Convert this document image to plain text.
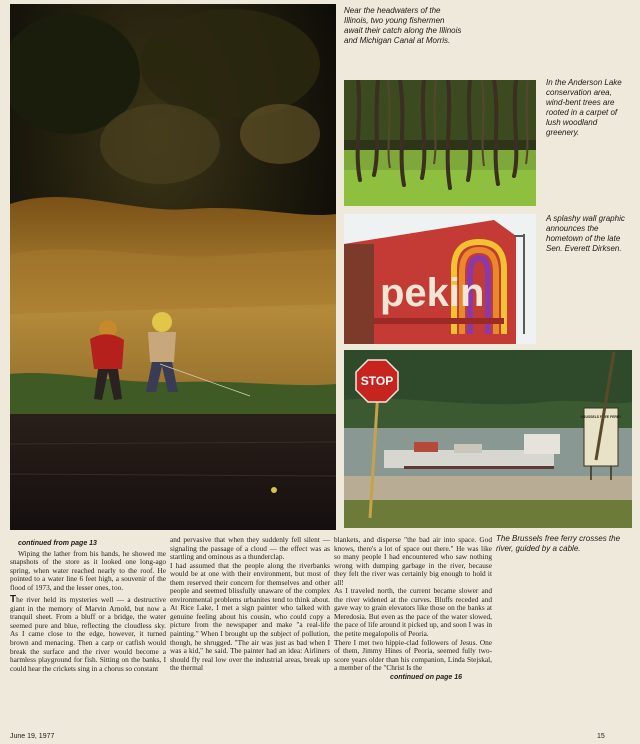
Near the headwaters of the Illinois, two young fishermen await their catch along the Illinois and Michigan Canal at Morris.
In the Anderson Lake conservation area, wind-bent trees are rooted in a carpet of lush woodland greenery.
pekin
A splashy wall graphic announces the hometown of the late Sen. Everett Dirksen.
STOP
BRUSSELS FREE FERRY
The Brussels free ferry crosses the river, guided by a cable.
continued from page 13

Wiping the lather from his hands, he showed me snapshots of the store as it looked one long-ago spring, when water reached nearly to the roof. He pointed to a water line 6 feet high, a souvenir of the flood of 1973, and the lesser ones, too.

The river held its mysteries well — a destructive giant in the memory of Marvin Arnold, but now a tranquil sheet. From a bluff or a bridge, the water seemed pure and blue, reflecting the cloudless sky. As I came close to the edge, however, it turned brown and menacing. Then a carp or catfish would break the surface and the river would become a harmless playground for fish. Sitting on the banks, I could hear the crickets sing in a chorus so constant

and pervasive that when they suddenly fell silent — signaling the passage of a cloud — the effect was as startling and ominous as a thunderclap.

I had assumed that the people along the riverbanks would be at one with their environment, but most of them reserved their concern for themselves and other people and seemed blissfully unaware of the complex environmental problems urbanites tend to think about. At Rice Lake, I met a sign painter who talked with genuine feeling about his cousin, who could copy a picture from the newspaper and make "a real-life painting." When I brought up the subject of pollution, though, he shrugged. "The air was just as bad when I was a kid," he said. The painter had an idea: Airliners should fly real low over the industrial areas, break up the thermal

blankets, and disperse "the bad air into space. God knows, there's a lot of space out there." He was like so many people I had encountered who saw nothing wrong with dumping garbage in the river, because they felt the river was certainly big enough to hold it all!

As I traveled north, the current became slower and the river widened at the curves. Bluffs receded and gave way to grain elevators like those on the banks at Meredosia. But even as the pace of the water slowed, the pace of life around it picked up, and soon I was in the petite megalopolis of Peoria.

There I met two hippie-clad followers of Jesus. One of them, Jimmy Hines of Peoria, seemed fully two-score years older than his companion, Linda Stejskal, a member of the "Christ Is the

continued on page 16
June 19, 1977	15
